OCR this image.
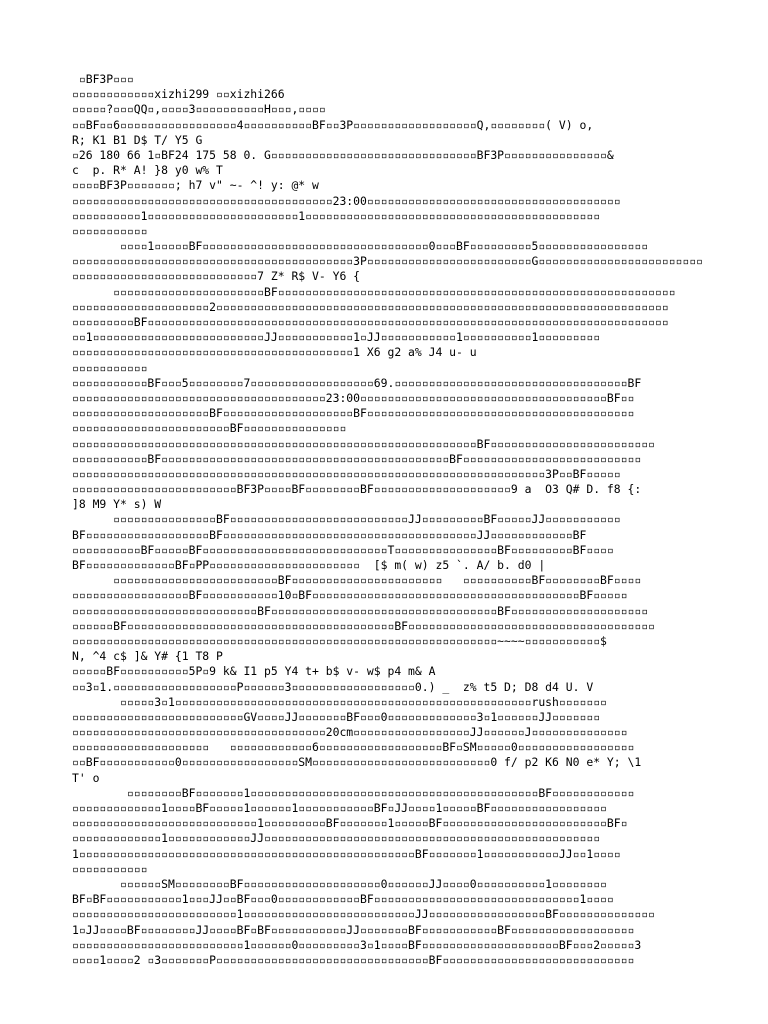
▫BF3P▫▫▫
▫▫▫▫▫▫▫▫▫▫▫▫xizhi299 ▫▫xizhi266
▫▫▫▫▫?▫▫▫QQ▫,▫▫▫▫3▫▫▫▫▫▫▫▫▫▫H▫▫▫,▫▫▫▫
▫▫BF▫▫6▫▫▫▫▫▫▫▫▫▫▫▫▫▫▫▫▫4▫▫▫▫▫▫▫▫▫▫BF▫▫3P▫▫▫▫▫▫▫▫▫▫▫▫▫▫▫▫▫▫Q,▫▫▫▫▫▫▫▫( V) o,
R; K1 B1 D$ T/ Y5 G
▫26 180 66 1▫BF24 175 58 0. G▫▫▫▫▫▫▫▫▫▫▫▫▫▫▫▫▫▫▫▫▫▫▫▫▫▫▫▫▫▫BF3P▫▫▫▫▫▫▫▫▫▫▫▫▫▫▫&
c  p. R* A! }8 y0 w% T
▫▫▫▫BF3P▫▫▫▫▫▫▫; h7 v" ~- ^! y: @* w
▫▫▫▫▫▫▫▫▫▫▫▫▫▫▫▫▫▫▫▫▫▫▫▫▫▫▫▫▫▫▫▫▫▫▫▫▫▫23:00▫▫▫▫▫▫▫▫▫▫▫▫▫▫▫▫▫▫▫▫▫▫▫▫▫▫▫▫▫▫▫▫▫▫▫▫▫
▫▫▫▫▫▫▫▫▫▫1▫▫▫▫▫▫▫▫▫▫▫▫▫▫▫▫▫▫▫▫▫▫1▫▫▫▫▫▫▫▫▫▫▫▫▫▫▫▫▫▫▫▫▫▫▫▫▫▫▫▫▫▫▫▫▫▫▫▫▫▫▫▫▫▫▫
▫▫▫▫▫▫▫▫▫▫▫
▫▫▫▫1▫▫▫▫▫BF▫▫▫▫▫▫▫▫▫▫▫▫▫▫▫▫▫▫▫▫▫▫▫▫▫▫▫▫▫▫▫▫▫0▫▫▫BF▫▫▫▫▫▫▫▫▫5▫▫▫▫▫▫▫▫▫▫▫▫▫▫▫▫
▫▫▫▫▫▫▫▫▫▫▫▫▫▫▫▫▫▫▫▫▫▫▫▫▫▫▫▫▫▫▫▫▫▫▫▫▫▫▫▫▫3P▫▫▫▫▫▫▫▫▫▫▫▫▫▫▫▫▫▫▫▫▫▫▫▫G▫▫▫▫▫▫▫▫▫▫▫▫▫▫▫▫▫▫▫▫▫▫▫▫
▫▫▫▫▫▫▫▫▫▫▫▫▫▫▫▫▫▫▫▫▫▫▫▫▫▫▫7 Z* R$ V- Y6 {
▫▫▫▫▫▫▫▫▫▫▫▫▫▫▫▫▫▫▫▫▫▫BF▫▫▫▫▫▫▫▫▫▫▫▫▫▫▫▫▫▫▫▫▫▫▫▫▫▫▫▫▫▫▫▫▫▫▫▫▫▫▫▫▫▫▫▫▫▫▫▫▫▫▫▫▫▫▫▫▫▫
▫▫▫▫▫▫▫▫▫▫▫▫▫▫▫▫▫▫▫▫2▫▫▫▫▫▫▫▫▫▫▫▫▫▫▫▫▫▫▫▫▫▫▫▫▫▫▫▫▫▫▫▫▫▫▫▫▫▫▫▫▫▫▫▫▫▫▫▫▫▫▫▫▫▫▫▫▫▫▫▫▫▫▫▫▫▫
▫▫▫▫▫▫▫▫▫BF▫▫▫▫▫▫▫▫▫▫▫▫▫▫▫▫▫▫▫▫▫▫▫▫▫▫▫▫▫▫▫▫▫▫▫▫▫▫▫▫▫▫▫▫▫▫▫▫▫▫▫▫▫▫▫▫▫▫▫▫▫▫▫▫▫▫▫▫▫▫▫▫▫▫▫▫
▫▫1▫▫▫▫▫▫▫▫▫▫▫▫▫▫▫▫▫▫▫▫▫▫▫▫▫JJ▫▫▫▫▫▫▫▫▫▫▫1▫JJ▫▫▫▫▫▫▫▫▫▫▫1▫▫▫▫▫▫▫▫▫▫1▫▫▫▫▫▫▫▫▫
▫▫▫▫▫▫▫▫▫▫▫▫▫▫▫▫▫▫▫▫▫▫▫▫▫▫▫▫▫▫▫▫▫▫▫▫▫▫▫▫▫1 X6 g2 a% J4 u- u
▫▫▫▫▫▫▫▫▫▫▫
▫▫▫▫▫▫▫▫▫▫▫BF▫▫▫5▫▫▫▫▫▫▫▫7▫▫▫▫▫▫▫▫▫▫▫▫▫▫▫▫▫▫69.▫▫▫▫▫▫▫▫▫▫▫▫▫▫▫▫▫▫▫▫▫▫▫▫▫▫▫▫▫▫▫▫▫▫BF
▫▫▫▫▫▫▫▫▫▫▫▫▫▫▫▫▫▫▫▫▫▫▫▫▫▫▫▫▫▫▫▫▫▫▫▫▫23:00▫▫▫▫▫▫▫▫▫▫▫▫▫▫▫▫▫▫▫▫▫▫▫▫▫▫▫▫▫▫▫▫▫▫▫▫BF▫▫
▫▫▫▫▫▫▫▫▫▫▫▫▫▫▫▫▫▫▫▫BF▫▫▫▫▫▫▫▫▫▫▫▫▫▫▫▫▫▫▫BF▫▫▫▫▫▫▫▫▫▫▫▫▫▫▫▫▫▫▫▫▫▫▫▫▫▫▫▫▫▫▫▫▫▫▫▫▫▫▫
▫▫▫▫▫▫▫▫▫▫▫▫▫▫▫▫▫▫▫▫▫▫▫BF▫▫▫▫▫▫▫▫▫▫▫▫▫▫▫
▫▫▫▫▫▫▫▫▫▫▫▫▫▫▫▫▫▫▫▫▫▫▫▫▫▫▫▫▫▫▫▫▫▫▫▫▫▫▫▫▫▫▫▫▫▫▫▫▫▫▫▫▫▫▫▫▫▫▫BF▫▫▫▫▫▫▫▫▫▫▫▫▫▫▫▫▫▫▫▫▫▫▫▫
▫▫▫▫▫▫▫▫▫▫▫BF▫▫▫▫▫▫▫▫▫▫▫▫▫▫▫▫▫▫▫▫▫▫▫▫▫▫▫▫▫▫▫▫▫▫▫▫▫▫▫▫▫▫BF▫▫▫▫▫▫▫▫▫▫▫▫▫▫▫▫▫▫▫▫▫▫▫▫▫▫
▫▫▫▫▫▫▫▫▫▫▫▫▫▫▫▫▫▫▫▫▫▫▫▫▫▫▫▫▫▫▫▫▫▫▫▫▫▫▫▫▫▫▫▫▫▫▫▫▫▫▫▫▫▫▫▫▫▫▫▫▫▫▫▫▫▫▫▫▫3P▫▫BF▫▫▫▫▫
▫▫▫▫▫▫▫▫▫▫▫▫▫▫▫▫▫▫▫▫▫▫▫▫BF3P▫▫▫▫BF▫▫▫▫▫▫▫▫BF▫▫▫▫▫▫▫▫▫▫▫▫▫▫▫▫▫▫▫▫9 a  O3 Q# D. f8 {:
]8 M9 Y* s) W
▫▫▫▫▫▫▫▫▫▫▫▫▫▫▫BF▫▫▫▫▫▫▫▫▫▫▫▫▫▫▫▫▫▫▫▫▫▫▫▫▫▫JJ▫▫▫▫▫▫▫▫▫BF▫▫▫▫▫JJ▫▫▫▫▫▫▫▫▫▫▫
BF▫▫▫▫▫▫▫▫▫▫▫▫▫▫▫▫▫▫BF▫▫▫▫▫▫▫▫▫▫▫▫▫▫▫▫▫▫▫▫▫▫▫▫▫▫▫▫▫▫▫▫▫▫▫▫▫JJ▫▫▫▫▫▫▫▫▫▫▫▫BF
▫▫▫▫▫▫▫▫▫▫BF▫▫▫▫▫BF▫▫▫▫▫▫▫▫▫▫▫▫▫▫▫▫▫▫▫▫▫▫▫▫▫▫▫T▫▫▫▫▫▫▫▫▫▫▫▫▫▫▫BF▫▫▫▫▫▫▫▫▫BF▫▫▫▫
BF▫▫▫▫▫▫▫▫▫▫▫▫▫BF▫PP▫▫▫▫▫▫▫▫▫▫▫▫▫▫▫▫▫▫▫▫▫▫  [$ m( w) z5 `. A/ b. d0 |
▫▫▫▫▫▫▫▫▫▫▫▫▫▫▫▫▫▫▫▫▫▫▫▫BF▫▫▫▫▫▫▫▫▫▫▫▫▫▫▫▫▫▫▫▫▫▫   ▫▫▫▫▫▫▫▫▫▫BF▫▫▫▫▫▫▫▫BF▫▫▫▫
▫▫▫▫▫▫▫▫▫▫▫▫▫▫▫▫▫BF▫▫▫▫▫▫▫▫▫▫▫10▫BF▫▫▫▫▫▫▫▫▫▫▫▫▫▫▫▫▫▫▫▫▫▫▫▫▫▫▫▫▫▫▫▫▫▫▫▫▫▫▫BF▫▫▫▫▫
▫▫▫▫▫▫▫▫▫▫▫▫▫▫▫▫▫▫▫▫▫▫▫▫▫▫▫BF▫▫▫▫▫▫▫▫▫▫▫▫▫▫▫▫▫▫▫▫▫▫▫▫▫▫▫▫▫▫▫▫▫BF▫▫▫▫▫▫▫▫▫▫▫▫▫▫▫▫▫▫▫▫
▫▫▫▫▫▫BF▫▫▫▫▫▫▫▫▫▫▫▫▫▫▫▫▫▫▫▫▫▫▫▫▫▫▫▫▫▫▫▫▫▫▫▫▫▫▫BF▫▫▫▫▫▫▫▫▫▫▫▫▫▫▫▫▫▫▫▫▫▫▫▫▫▫▫▫▫▫▫▫▫▫▫▫
▫▫▫▫▫▫▫▫▫▫▫▫▫▫▫▫▫▫▫▫▫▫▫▫▫▫▫▫▫▫▫▫▫▫▫▫▫▫▫▫▫▫▫▫▫▫▫▫▫▫▫▫▫▫▫▫▫▫▫▫▫▫~~~~▫▫▫▫▫▫▫▫▫▫▫$
N, ^4 c$ ]& Y# {1 T8 P
▫▫▫▫▫BF▫▫▫▫▫▫▫▫▫▫5P▫9 k& I1 p5 Y4 t+ b$ v- w$ p4 m& A
▫▫3▫1.▫▫▫▫▫▫▫▫▫▫▫▫▫▫▫▫▫▫P▫▫▫▫▫▫3▫▫▫▫▫▫▫▫▫▫▫▫▫▫▫▫▫▫0.) _  z% t5 D; D8 d4 U. V
▫▫▫▫▫3▫1▫▫▫▫▫▫▫▫▫▫▫▫▫▫▫▫▫▫▫▫▫▫▫▫▫▫▫▫▫▫▫▫▫▫▫▫▫▫▫▫▫▫▫▫▫▫▫▫▫▫▫▫rush▫▫▫▫▫▫▫
▫▫▫▫▫▫▫▫▫▫▫▫▫▫▫▫▫▫▫▫▫▫▫▫▫GV▫▫▫▫JJ▫▫▫▫▫▫▫BF▫▫▫0▫▫▫▫▫▫▫▫▫▫▫▫▫3▫1▫▫▫▫▫▫JJ▫▫▫▫▫▫▫
▫▫▫▫▫▫▫▫▫▫▫▫▫▫▫▫▫▫▫▫▫▫▫▫▫▫▫▫▫▫▫▫▫▫▫▫▫20cm▫▫▫▫▫▫▫▫▫▫▫▫▫▫▫▫▫JJ▫▫▫▫▫▫J▫▫▫▫▫▫▫▫▫▫▫▫▫▫
▫▫▫▫▫▫▫▫▫▫▫▫▫▫▫▫▫▫▫▫   ▫▫▫▫▫▫▫▫▫▫▫▫6▫▫▫▫▫▫▫▫▫▫▫▫▫▫▫▫▫▫BF▫SM▫▫▫▫▫0▫▫▫▫▫▫▫▫▫▫▫▫▫▫▫▫▫
▫▫BF▫▫▫▫▫▫▫▫▫▫▫0▫▫▫▫▫▫▫▫▫▫▫▫▫▫▫▫▫SM▫▫▫▫▫▫▫▫▫▫▫▫▫▫▫▫▫▫▫▫▫▫▫▫▫▫0 f/ p2 K6 N0 e* Y; \1
T' o
▫▫▫▫▫▫▫▫BF▫▫▫▫▫▫▫1▫▫▫▫▫▫▫▫▫▫▫▫▫▫▫▫▫▫▫▫▫▫▫▫▫▫▫▫▫▫▫▫▫▫▫▫▫▫▫▫▫▫BF▫▫▫▫▫▫▫▫▫▫▫▫
▫▫▫▫▫▫▫▫▫▫▫▫▫1▫▫▫▫BF▫▫▫▫▫1▫▫▫▫▫▫1▫▫▫▫▫▫▫▫▫▫▫BF▫JJ▫▫▫▫1▫▫▫▫▫BF▫▫▫▫▫▫▫▫▫▫▫▫▫▫▫▫▫
▫▫▫▫▫▫▫▫▫▫▫▫▫▫▫▫▫▫▫▫▫▫▫▫▫▫▫1▫▫▫▫▫▫▫▫▫BF▫▫▫▫▫▫▫1▫▫▫▫▫BF▫▫▫▫▫▫▫▫▫▫▫▫▫▫▫▫▫▫▫▫▫▫▫▫BF▫
▫▫▫▫▫▫▫▫▫▫▫▫▫1▫▫▫▫▫▫▫▫▫▫▫▫JJ▫▫▫▫▫▫▫▫▫▫▫▫▫▫▫▫▫▫▫▫▫▫▫▫▫▫▫▫▫▫▫▫▫▫▫▫▫▫▫▫▫▫▫▫▫▫▫▫▫
1▫▫▫▫▫▫▫▫▫▫▫▫▫▫▫▫▫▫▫▫▫▫▫▫▫▫▫▫▫▫▫▫▫▫▫▫▫▫▫▫▫▫▫▫▫▫▫▫▫BF▫▫▫▫▫▫▫1▫▫▫▫▫▫▫▫▫▫▫JJ▫▫1▫▫▫▫
▫▫▫▫▫▫▫▫▫▫▫
▫▫▫▫▫▫SM▫▫▫▫▫▫▫▫BF▫▫▫▫▫▫▫▫▫▫▫▫▫▫▫▫▫▫▫▫0▫▫▫▫▫▫JJ▫▫▫▫0▫▫▫▫▫▫▫▫▫▫1▫▫▫▫▫▫▫▫
BF▫BF▫▫▫▫▫▫▫▫▫▫▫1▫▫▫JJ▫▫BF▫▫▫0▫▫▫▫▫▫▫▫▫▫▫▫BF▫▫▫▫▫▫▫▫▫▫▫▫▫▫▫▫▫▫▫▫▫▫▫▫▫▫▫▫▫▫1▫▫▫▫
▫▫▫▫▫▫▫▫▫▫▫▫▫▫▫▫▫▫▫▫▫▫▫▫1▫▫▫▫▫▫▫▫▫▫▫▫▫▫▫▫▫▫▫▫▫▫▫▫▫JJ▫▫▫▫▫▫▫▫▫▫▫▫▫▫▫▫▫BF▫▫▫▫▫▫▫▫▫▫▫▫▫▫
1▫JJ▫▫▫▫BF▫▫▫▫▫▫▫▫JJ▫▫▫▫BF▫BF▫▫▫▫▫▫▫▫▫▫▫JJ▫▫▫▫▫▫▫BF▫▫▫▫▫▫▫▫▫▫▫BF▫▫▫▫▫▫▫▫▫▫▫▫▫▫▫▫▫▫
▫▫▫▫▫▫▫▫▫▫▫▫▫▫▫▫▫▫▫▫▫▫▫▫▫1▫▫▫▫▫▫0▫▫▫▫▫▫▫▫▫3▫1▫▫▫▫BF▫▫▫▫▫▫▫▫▫▫▫▫▫▫▫▫▫▫▫▫BF▫▫▫2▫▫▫▫▫3
▫▫▫▫1▫▫▫▫2 ▫3▫▫▫▫▫▫▫P▫▫▫▫▫▫▫▫▫▫▫▫▫▫▫▫▫▫▫▫▫▫▫▫▫▫▫▫▫▫▫BF▫▫▫▫▫▫▫▫▫▫▫▫▫▫▫▫▫▫▫▫▫▫▫▫▫▫▫▫
